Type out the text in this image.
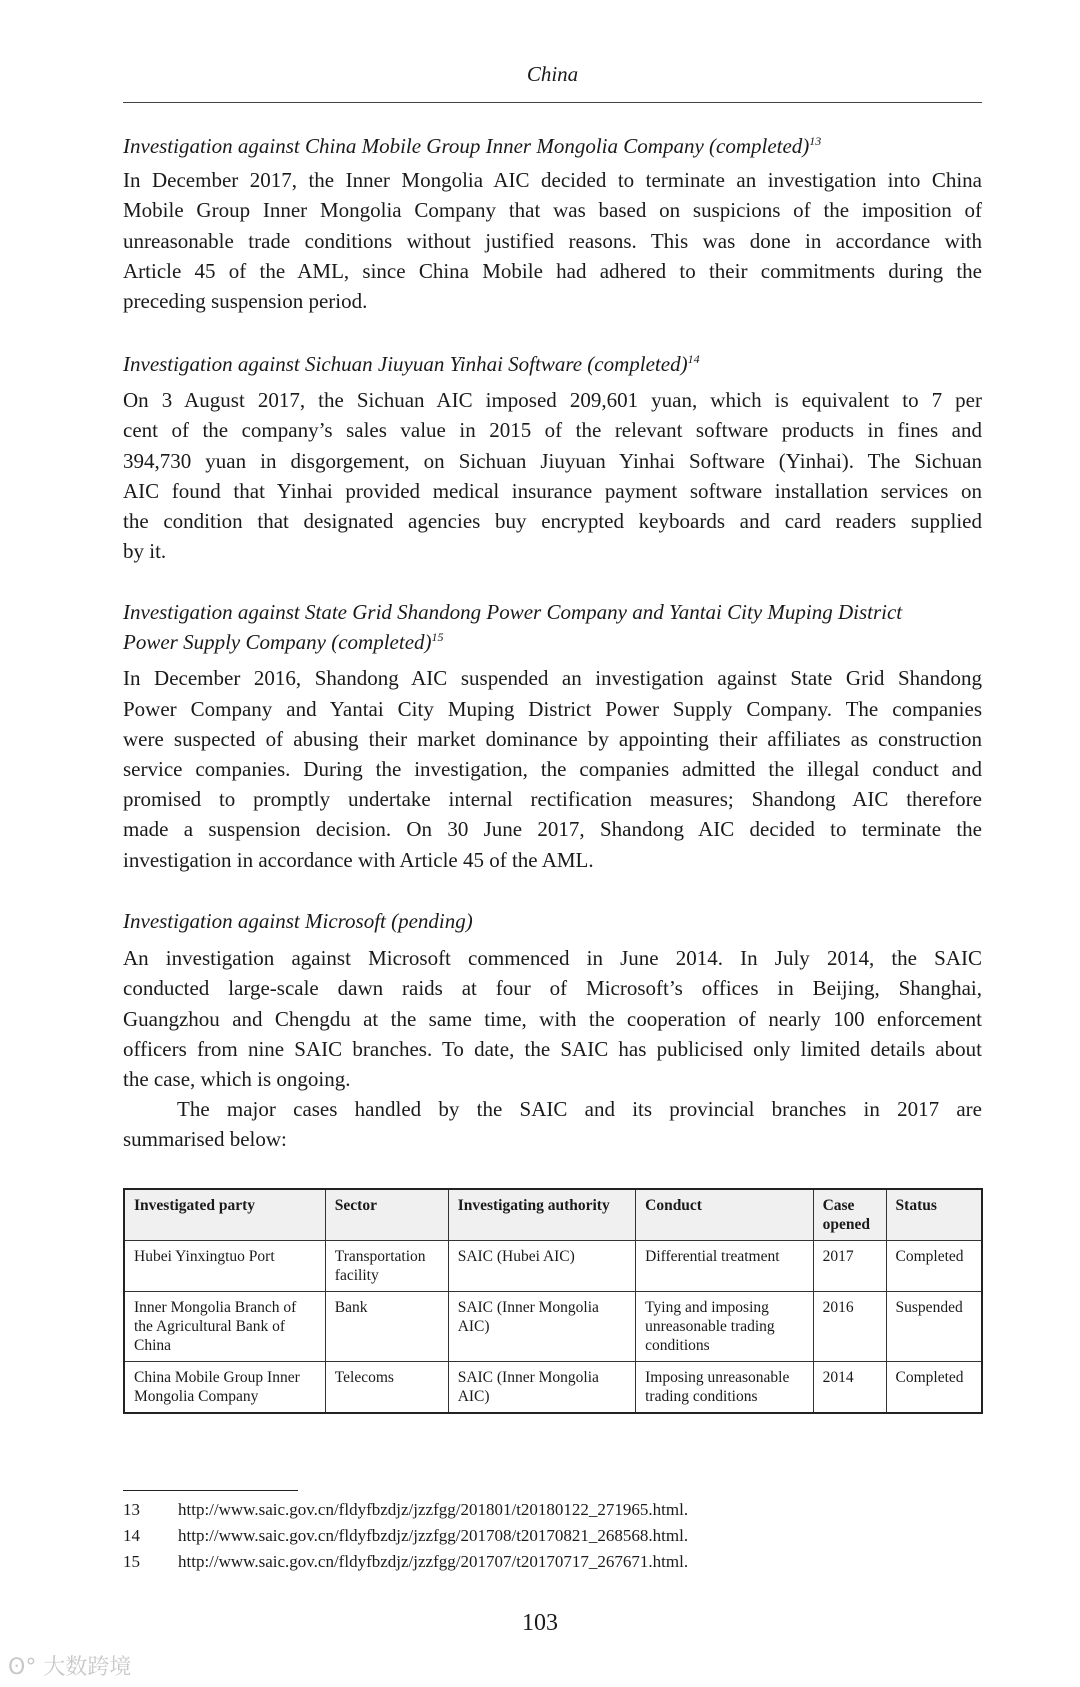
China
Investigation against China Mobile Group Inner Mongolia Company (completed)$^{13}$
In December 2017, the Inner Mongolia AIC decided to terminate an investigation into China
Mobile Group Inner Mongolia Company that was based on suspicions of the imposition of
unreasonable trade conditions without justified reasons. This was done in accordance with
Article 45 of the AML, since China Mobile had adhered to their commitments during the
preceding suspension period.
Investigation against Sichuan Jiuyuan Yinhai Software (completed)$^{14}$
On 3 August 2017, the Sichuan AIC imposed 209,601 yuan, which is equivalent to 7 per
cent of the company’s sales value in 2015 of the relevant software products in fines and
394,730 yuan in disgorgement, on Sichuan Jiuyuan Yinhai Software (Yinhai). The Sichuan
AIC found that Yinhai provided medical insurance payment software installation services on
the condition that designated agencies buy encrypted keyboards and card readers supplied
by it.
Investigation against State Grid Shandong Power Company and Yantai City Muping District
Power Supply Company (completed)$^{15}$
In December 2016, Shandong AIC suspended an investigation against State Grid Shandong
Power Company and Yantai City Muping District Power Supply Company. The companies
were suspected of abusing their market dominance by appointing their affiliates as construction
service companies. During the investigation, the companies admitted the illegal conduct and
promised to promptly undertake internal rectification measures; Shandong AIC therefore
made a suspension decision. On 30 June 2017, Shandong AIC decided to terminate the
investigation in accordance with Article 45 of the AML.
Investigation against Microsoft (pending)
An investigation against Microsoft commenced in June 2014. In July 2014, the SAIC
conducted large-scale dawn raids at four of Microsoft’s offices in Beijing, Shanghai,
Guangzhou and Chengdu at the same time, with the cooperation of nearly 100 enforcement
officers from nine SAIC branches. To date, the SAIC has publicised only limited details about
the case, which is ongoing.
The major cases handled by the SAIC and its provincial branches in 2017 are
summarised below:
Investigated party	Sector	Investigating authority	Conduct	Case opened	Status
Hubei Yinxingtuo Port	Transportation facility	SAIC (Hubei AIC)	Differential treatment	2017	Completed
Inner Mongolia Branch of the Agricultural Bank of China	Bank	SAIC (Inner Mongolia AIC)	Tying and imposing unreasonable trading conditions	2016	Suspended
China Mobile Group Inner Mongolia Company	Telecoms	SAIC (Inner Mongolia AIC)	Imposing unreasonable trading conditions	2014	Completed
13 http://www.saic.gov.cn/fldyfbzdjz/jzzfgg/201801/t20180122_271965.html.
14 http://www.saic.gov.cn/fldyfbzdjz/jzzfgg/201708/t20170821_268568.html.
15 http://www.saic.gov.cn/fldyfbzdjz/jzzfgg/201707/t20170717_267671.html.
103
ʘ° 大数跨境
